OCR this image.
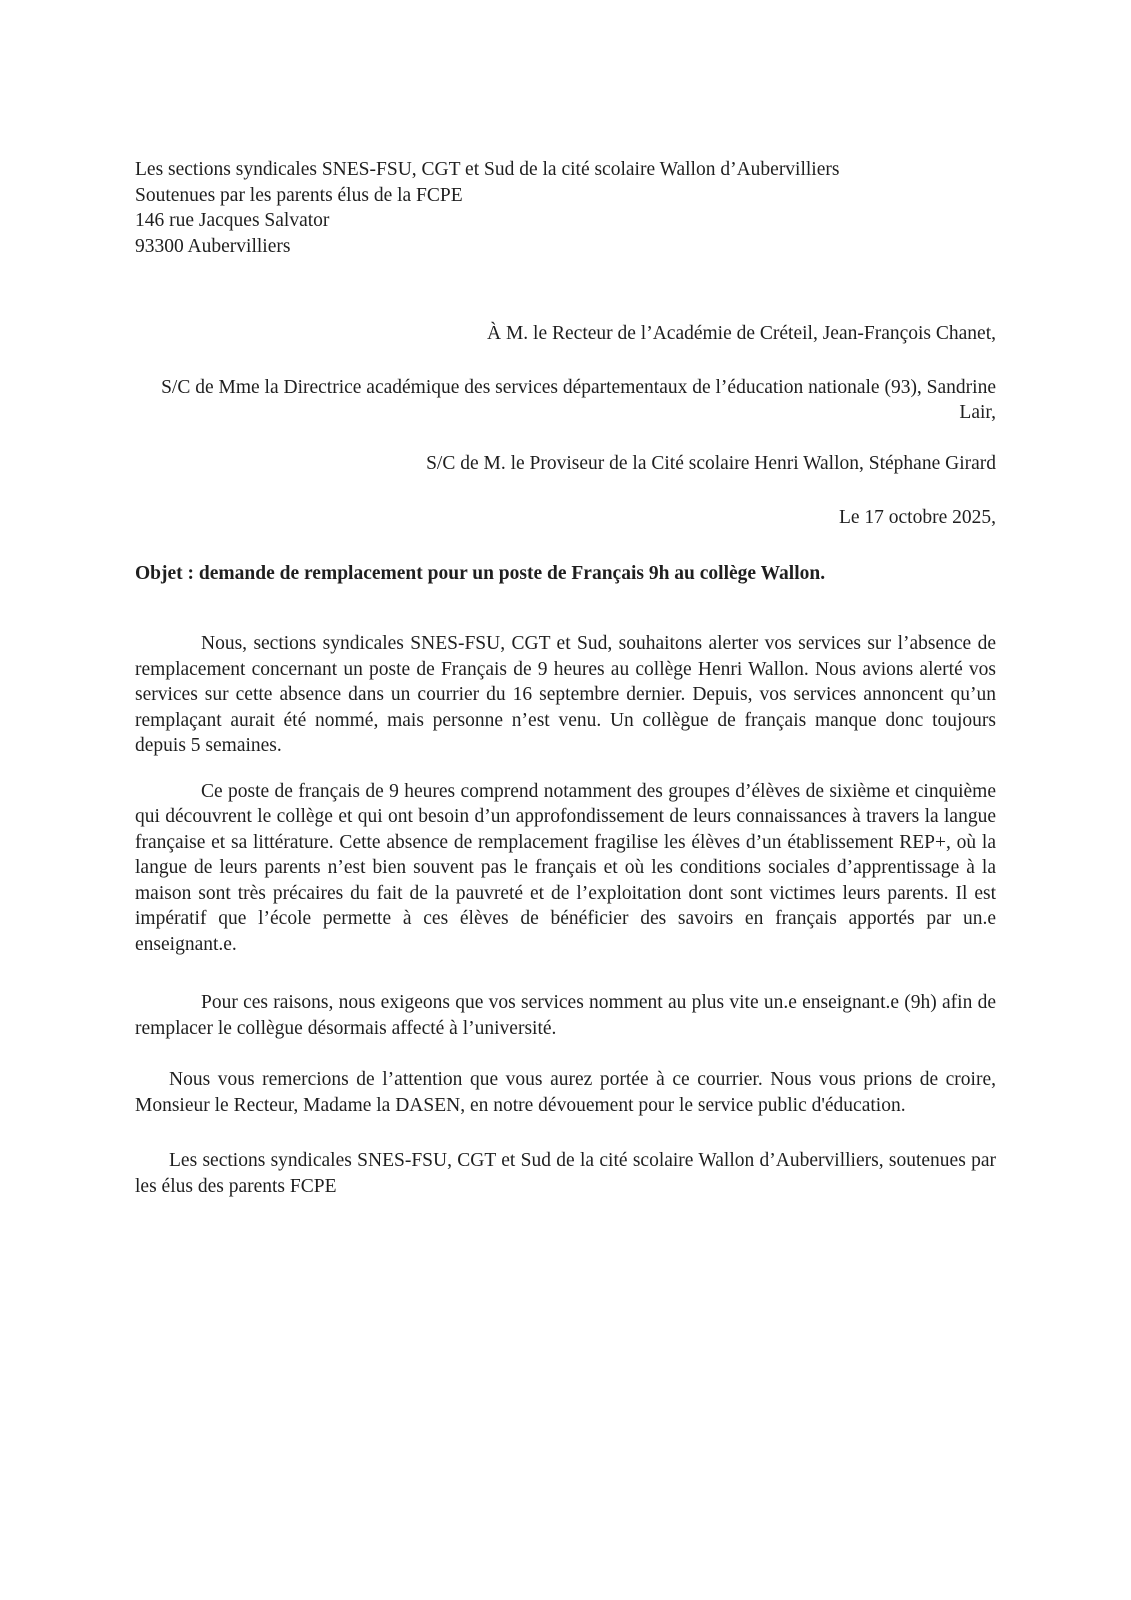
Les sections syndicales SNES-FSU, CGT et Sud de la cité scolaire Wallon d’Aubervilliers
Soutenues par les parents élus de la FCPE
146 rue Jacques Salvator
93300 Aubervilliers

À M. le Recteur de l’Académie de Créteil, Jean-François Chanet,

S/C de Mme la Directrice académique des services départementaux de l’éducation nationale (93), Sandrine Lair,

S/C de M. le Proviseur de la Cité scolaire Henri Wallon, Stéphane Girard

Le 17 octobre 2025,

Objet : demande de remplacement pour un poste de Français 9h au collège Wallon.

Nous, sections syndicales SNES-FSU, CGT et Sud, souhaitons alerter vos services sur l’absence de remplacement concernant un poste de Français de 9 heures au collège Henri Wallon. Nous avions alerté vos services sur cette absence dans un courrier du 16 septembre dernier. Depuis, vos services annoncent qu’un remplaçant aurait été nommé, mais personne n’est venu. Un collègue de français manque donc toujours depuis 5 semaines.

Ce poste de français de 9 heures comprend notamment des groupes d’élèves de sixième et cinquième qui découvrent le collège et qui ont besoin d’un approfondissement de leurs connaissances à travers la langue française et sa littérature. Cette absence de remplacement fragilise les élèves d’un établissement REP+, où la langue de leurs parents n’est bien souvent pas le français et où les conditions sociales d’apprentissage à la maison sont très précaires du fait de la pauvreté et de l’exploitation dont sont victimes leurs parents. Il est impératif que l’école permette à ces élèves de bénéficier des savoirs en français apportés par un.e enseignant.e.

Pour ces raisons, nous exigeons que vos services nomment au plus vite un.e enseignant.e (9h) afin de remplacer le collègue désormais affecté à l’université.

Nous vous remercions de l’attention que vous aurez portée à ce courrier. Nous vous prions de croire, Monsieur le Recteur, Madame la DASEN, en notre dévouement pour le service public d'éducation.

Les sections syndicales SNES-FSU, CGT et Sud de la cité scolaire Wallon d’Aubervilliers, soutenues par les élus des parents FCPE
